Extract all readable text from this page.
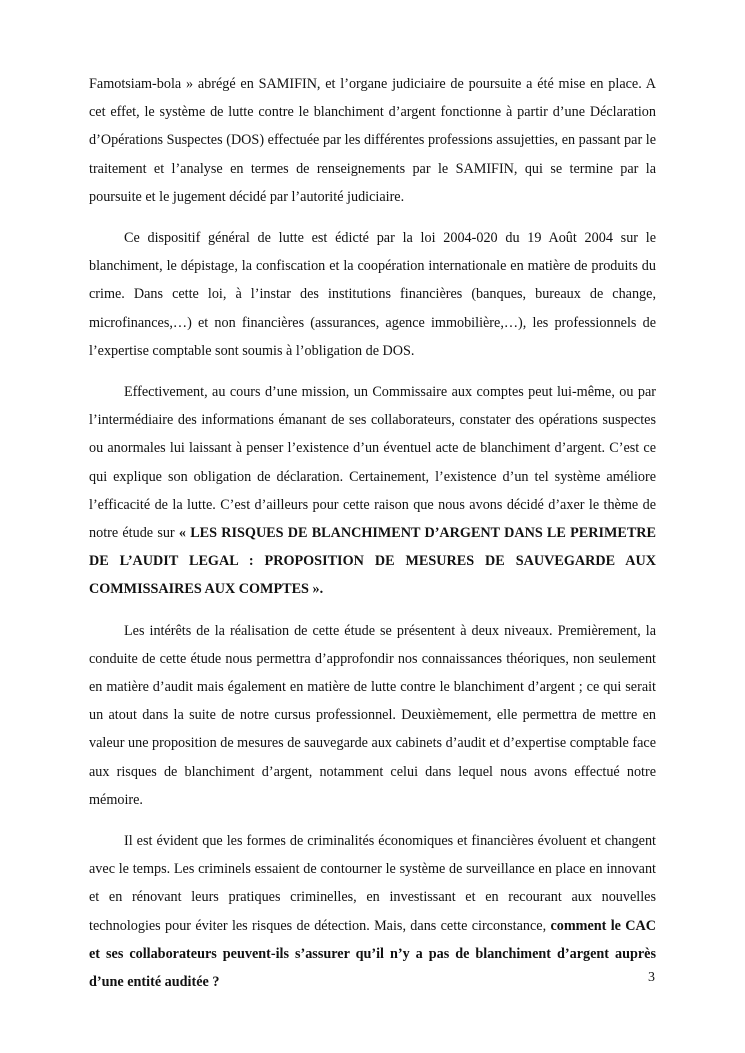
Famotsiam-bola » abrégé en SAMIFIN, et l’organe judiciaire de poursuite a été mise en place. A cet effet, le système de lutte contre le blanchiment d’argent fonctionne à partir d’une Déclaration d’Opérations Suspectes (DOS) effectuée par les différentes professions assujetties, en passant par le traitement et l’analyse en termes de renseignements par le SAMIFIN, qui se termine par la poursuite et le jugement décidé par l’autorité judiciaire.

Ce dispositif général de lutte est édicté par la loi 2004-020 du 19 Août 2004 sur le blanchiment, le dépistage, la confiscation et la coopération internationale en matière de produits du crime. Dans cette loi, à l’instar des institutions financières (banques, bureaux de change, microfinances,…) et non financières (assurances, agence immobilière,…), les professionnels de l’expertise comptable sont soumis à l’obligation de DOS.

Effectivement, au cours d’une mission, un Commissaire aux comptes peut lui-même, ou par l’intermédiaire des informations émanant de ses collaborateurs, constater des opérations suspectes ou anormales lui laissant à penser l’existence d’un éventuel acte de blanchiment d’argent. C’est ce qui explique son obligation de déclaration. Certainement, l’existence d’un tel système améliore l’efficacité de la lutte. C’est d’ailleurs pour cette raison que nous avons décidé d’axer le thème de notre étude sur « LES RISQUES DE BLANCHIMENT D’ARGENT DANS LE PERIMETRE DE L’AUDIT LEGAL : PROPOSITION DE MESURES DE SAUVEGARDE AUX COMMISSAIRES AUX COMPTES ».

Les intérêts de la réalisation de cette étude se présentent à deux niveaux. Premièrement, la conduite de cette étude nous permettra d’approfondir nos connaissances théoriques, non seulement en matière d’audit mais également en matière de lutte contre le blanchiment d’argent ; ce qui serait un atout dans la suite de notre cursus professionnel. Deuxièmement, elle permettra de mettre en valeur une proposition de mesures de sauvegarde aux cabinets d’audit et d’expertise comptable face aux risques de blanchiment d’argent, notamment celui dans lequel nous avons effectué notre mémoire.

Il est évident que les formes de criminalités économiques et financières évoluent et changent avec le temps. Les criminels essaient de contourner le système de surveillance en place en innovant et en rénovant leurs pratiques criminelles, en investissant et en recourant aux nouvelles technologies pour éviter les risques de détection. Mais, dans cette circonstance, comment le CAC et ses collaborateurs peuvent-ils s’assurer qu’il n’y a pas de blanchiment d’argent auprès d’une entité auditée ?	3
